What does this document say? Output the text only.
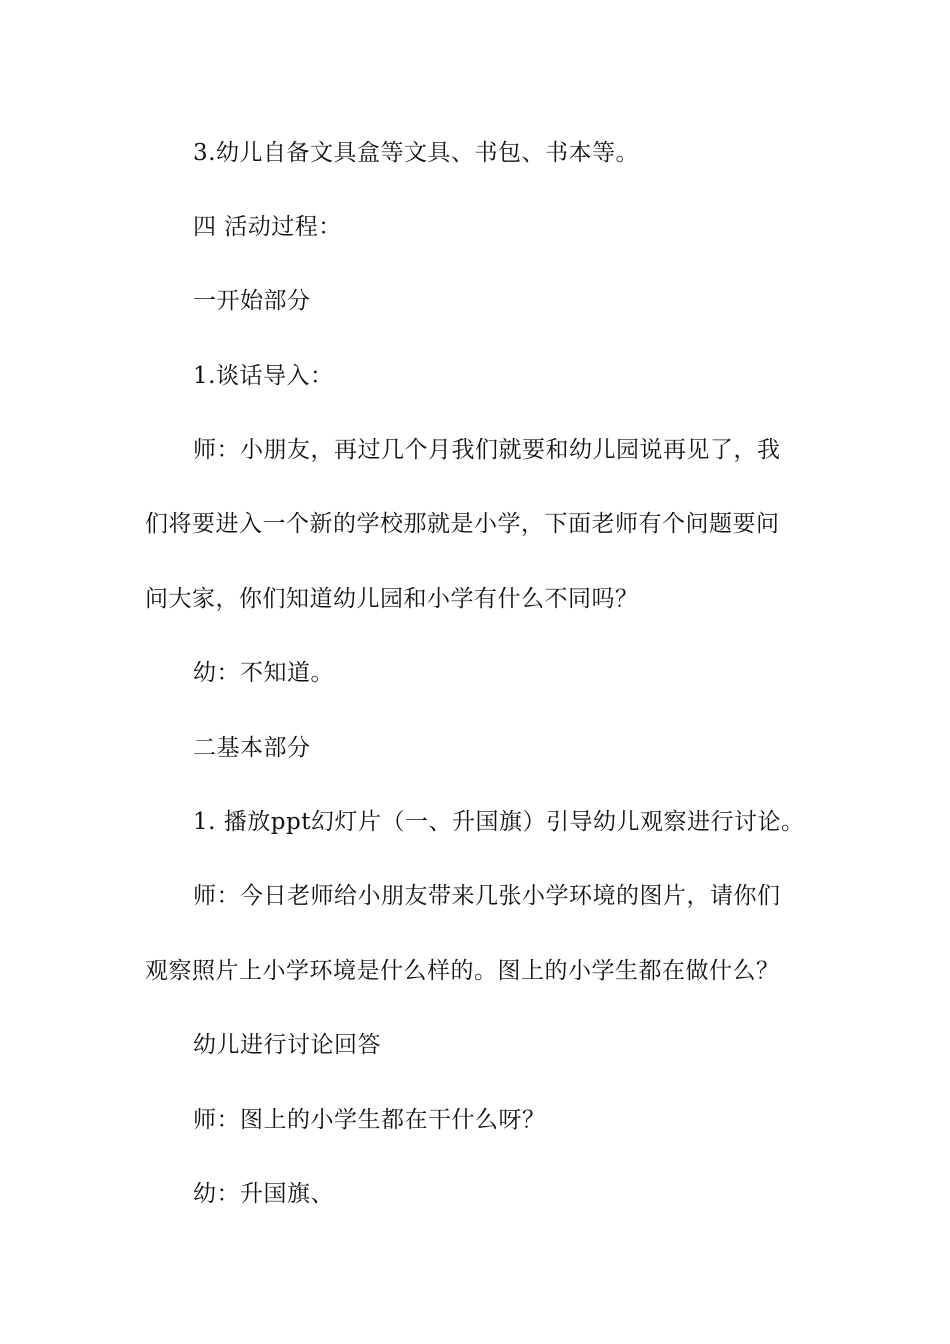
3.幼儿自备文具盒等文具、书包、书本等。
四 活动过程：
一开始部分
1.谈话导入：
师：小朋友，再过几个月我们就要和幼儿园说再见了，我
们将要进入一个新的学校那就是小学，下面老师有个问题要问
问大家，你们知道幼儿园和小学有什么不同吗？
幼：不知道。
二基本部分
1. 播放ppt幻灯片（一、升国旗）引导幼儿观察进行讨论。
师：今日老师给小朋友带来几张小学环境的图片，请你们
观察照片上小学环境是什么样的。图上的小学生都在做什么？
幼儿进行讨论回答
师：图上的小学生都在干什么呀？
幼：升国旗、
